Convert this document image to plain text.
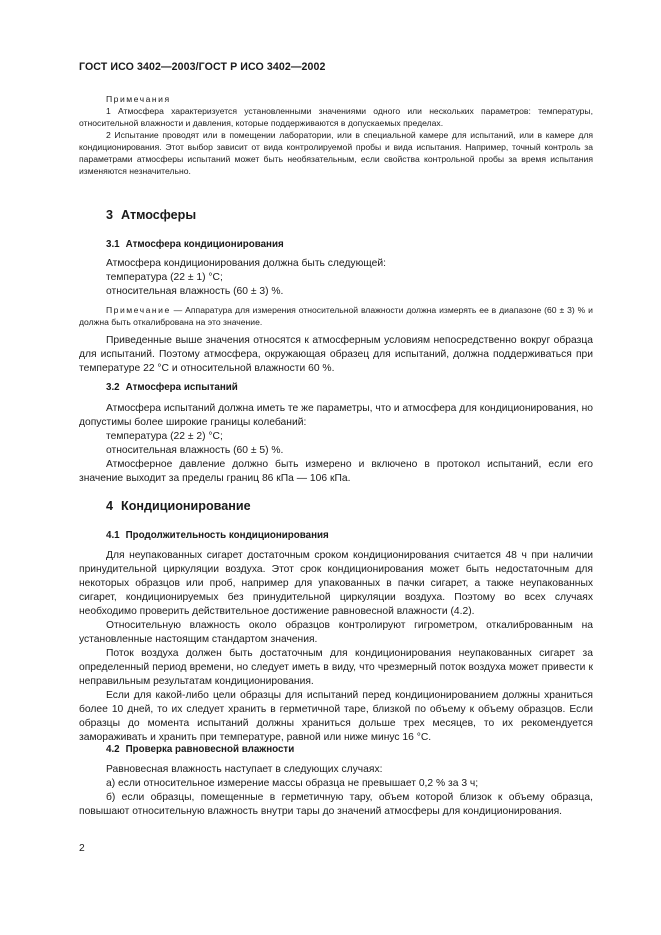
ГОСТ ИСО 3402—2003/ГОСТ Р ИСО 3402—2002

Примечания

1 Атмосфера характеризуется установленными значениями одного или нескольких параметров: температуры, относительной влажности и давления, которые поддерживаются в допускаемых пределах.

2 Испытание проводят или в помещении лаборатории, или в специальной камере для испытаний, или в камере для кондиционирования. Этот выбор зависит от вида контролируемой пробы и вида испытания. Например, точный контроль за параметрами атмосферы испытаний может быть необязательным, если свойства контрольной пробы за время испытания изменяются незначительно.

3 Атмосферы
3.1 Атмосфера кондиционирования

Атмосфера кондиционирования должна быть следующей:

температура (22 ± 1) °С;

относительная влажность (60 ± 3) %.

Примечание — Аппаратура для измерения относительной влажности должна измерять ее в диапазоне (60 ± 3) % и должна быть откалибрована на это значение.

Приведенные выше значения относятся к атмосферным условиям непосредственно вокруг образца для испытаний. Поэтому атмосфера, окружающая образец для испытаний, должна поддерживаться при температуре 22 °С и относительной влажности 60 %.

3.2 Атмосфера испытаний

Атмосфера испытаний должна иметь те же параметры, что и атмосфера для кондиционирования, но допустимы более широкие границы колебаний:

температура (22 ± 2) °С;

относительная влажность (60 ± 5) %.

Атмосферное давление должно быть измерено и включено в протокол испытаний, если его значение выходит за пределы границ 86 кПа — 106 кПа.

4 Кондиционирование
4.1 Продолжительность кондиционирования

Для неупакованных сигарет достаточным сроком кондиционирования считается 48 ч при наличии принудительной циркуляции воздуха. Этот срок кондиционирования может быть недостаточным для некоторых образцов или проб, например для упакованных в пачки сигарет, а также неупакованных сигарет, кондиционируемых без принудительной циркуляции воздуха. Поэтому во всех случаях необходимо проверить действительное достижение равновесной влажности (4.2).

Относительную влажность около образцов контролируют гигрометром, откалиброванным на установленные настоящим стандартом значения.

Поток воздуха должен быть достаточным для кондиционирования неупакованных сигарет за определенный период времени, но следует иметь в виду, что чрезмерный поток воздуха может привести к неправильным результатам кондиционирования.

Если для какой-либо цели образцы для испытаний перед кондиционированием должны храниться более 10 дней, то их следует хранить в герметичной таре, близкой по объему к объему образцов. Если образцы до момента испытаний должны храниться дольше трех месяцев, то их рекомендуется замораживать и хранить при температуре, равной или ниже минус 16 °С.

4.2 Проверка равновесной влажности

Равновесная влажность наступает в следующих случаях:

а) если относительное измерение массы образца не превышает 0,2 % за 3 ч;

б) если образцы, помещенные в герметичную тару, объем которой близок к объему образца, повышают относительную влажность внутри тары до значений атмосферы для кондиционирования.

2
